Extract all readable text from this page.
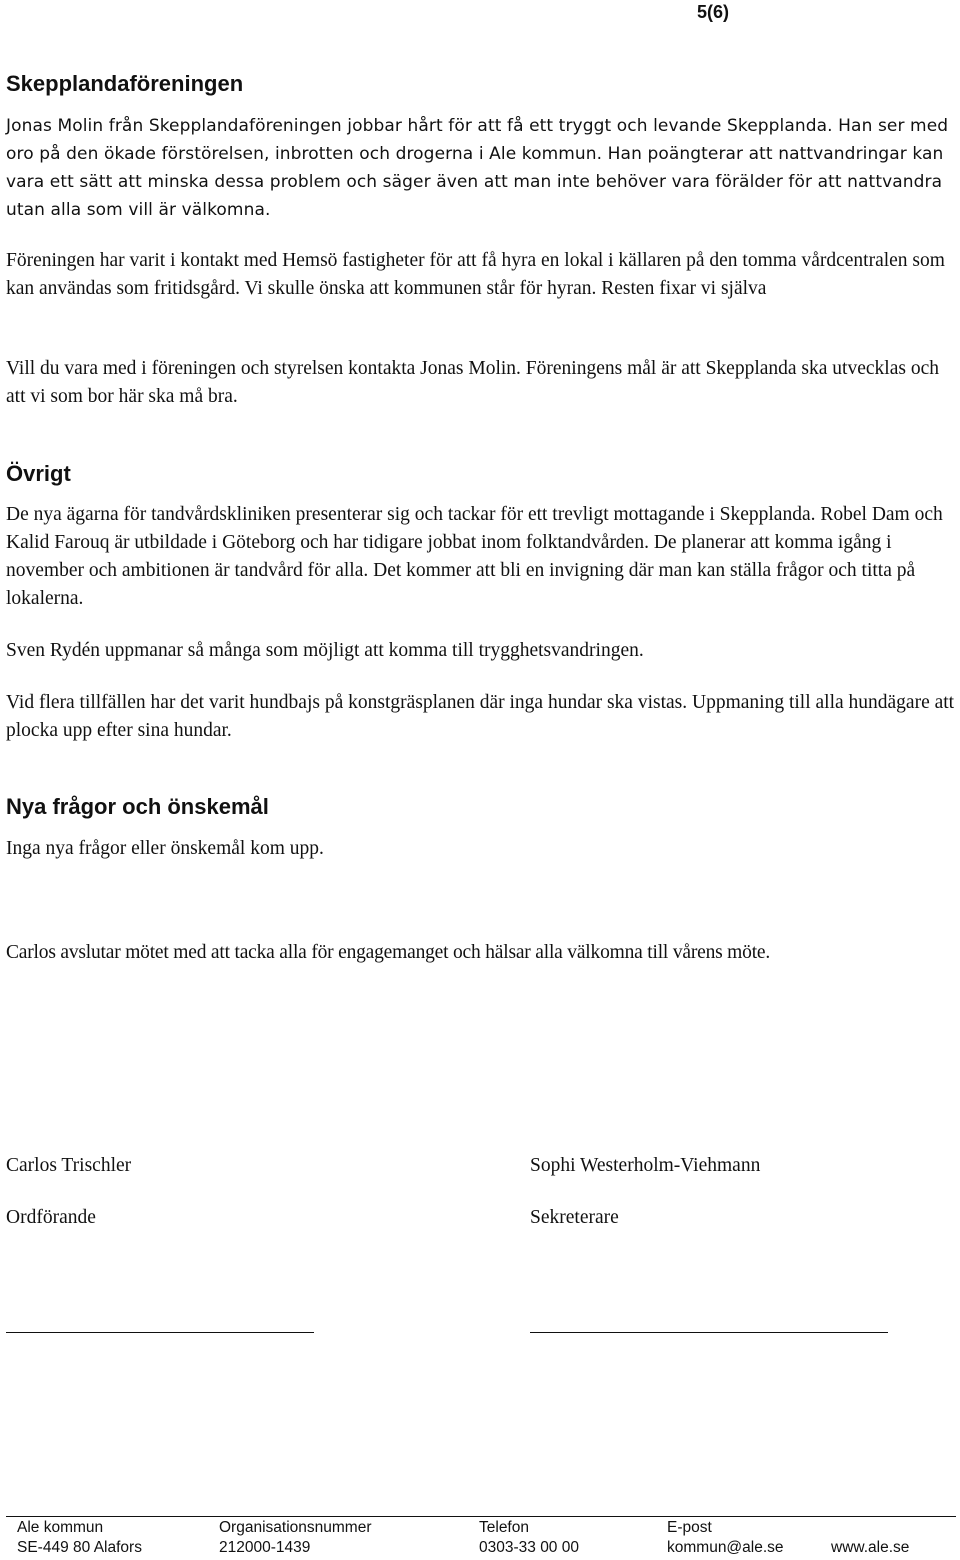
5(6)
Skepplandaföreningen

Jonas Molin från Skepplandaföreningen jobbar hårt för att få ett tryggt och levande Skepplanda. Han ser med oro på den ökade förstörelsen, inbrotten och drogerna i Ale kommun. Han poängterar att nattvandringar kan vara ett sätt att minska dessa problem och säger även att man inte behöver vara förälder för att nattvandra utan alla som vill är välkomna.

Föreningen har varit i kontakt med Hemsö fastigheter för att få hyra en lokal i källaren på den tomma vårdcentralen som kan användas som fritidsgård. Vi skulle önska att kommunen står för hyran. Resten fixar vi själva

Vill du vara med i föreningen och styrelsen kontakta Jonas Molin. Föreningens mål är att Skepplanda ska utvecklas och att vi som bor här ska må bra.

Övrigt

De nya ägarna för tandvårdskliniken presenterar sig och tackar för ett trevligt mottagande i Skepplanda. Robel Dam och Kalid Farouq är utbildade i Göteborg och har tidigare jobbat inom folktandvården. De planerar att komma igång i november och ambitionen är tandvård för alla. Det kommer att bli en invigning där man kan ställa frågor och titta på lokalerna.

Sven Rydén uppmanar så många som möjligt att komma till trygghetsvandringen.

Vid flera tillfällen har det varit hundbajs på konstgräsplanen där inga hundar ska vistas. Uppmaning till alla hundägare att plocka upp efter sina hundar.

Nya frågor och önskemål

Inga nya frågor eller önskemål kom upp.

Carlos avslutar mötet med att tacka alla för engagemanget och hälsar alla välkomna till vårens möte.

Carlos Trischler
Ordförande
Sophi Westerholm-Viehmann
Sekreterare
Ale kommun
SE-449 80 Alafors
Organisationsnummer
212000-1439
Telefon
0303-33 00 00
E-post
kommun@ale.se	www.ale.se
